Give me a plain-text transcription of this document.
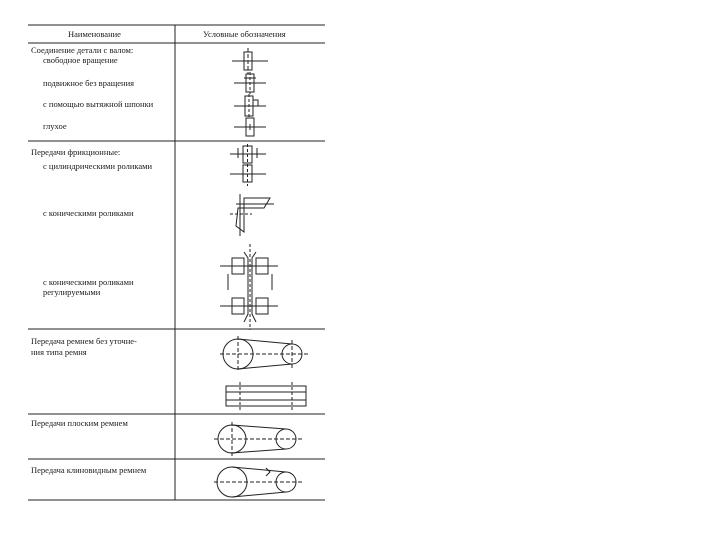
Наименование	Условные обозначения
Соединение детали с валом:
свободное вращение
подвижное без вращения
с помощью вытяжной шпонки
глухое
Передачи фрикционные:
с цилиндрическими роликами
с коническими роликами
с коническими роликами
регулируемыми
Передача ремнем без уточне-
ния типа ремня
Передачи плоским ремнем
Передача клиновидным ремнем
